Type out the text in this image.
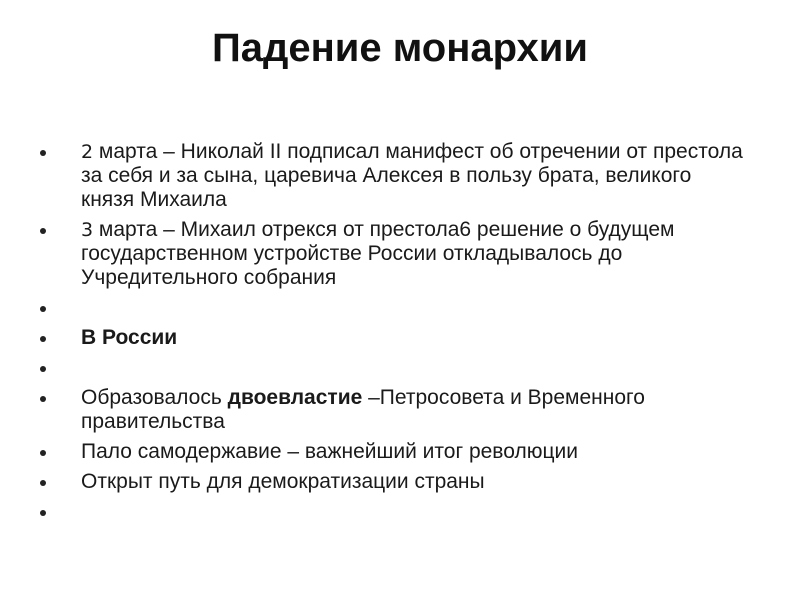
Падение монархии
2 марта – Николай II подписал манифест об отречении от престола за себя и за сына, царевича Алексея в пользу брата, великого князя Михаила
3 марта – Михаил отрекся от престола6 решение о будущем государственном устройстве России откладывалось до Учредительного собрания
В России
Образовалось двоевластие –Петросовета и Временного правительства
Пало самодержавие – важнейший итог революции
Открыт путь для демократизации страны
